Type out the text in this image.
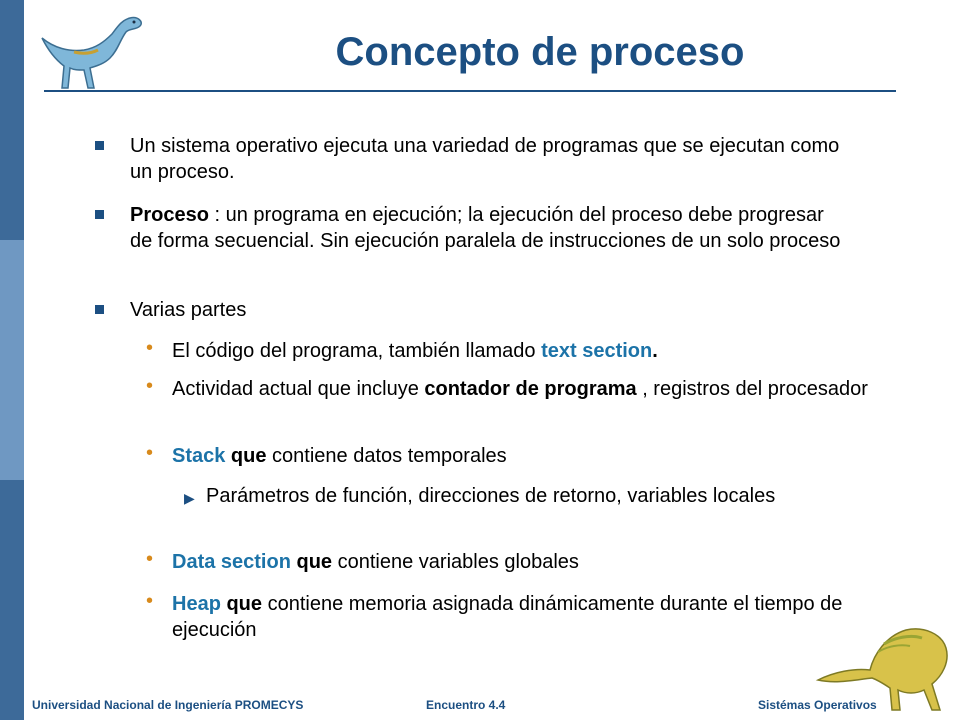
Concepto de proceso
Un sistema operativo ejecuta una variedad de programas que se ejecutan como un proceso.
Proceso : un programa en ejecución; la ejecución del proceso debe progresar de forma secuencial. Sin ejecución paralela de instrucciones de un solo proceso
Varias partes
• El código del programa, también llamado text section.
• Actividad actual que incluye contador de programa , registros del procesador
• Stack que contiene datos temporales
▶ Parámetros de función, direcciones de retorno, variables locales
• Data section que contiene variables globales
• Heap que contiene memoria asignada dinámicamente durante el tiempo de ejecución
Universidad Nacional de Ingeniería PROMECYS	Encuentro 4.4	Sistémas Operativos
